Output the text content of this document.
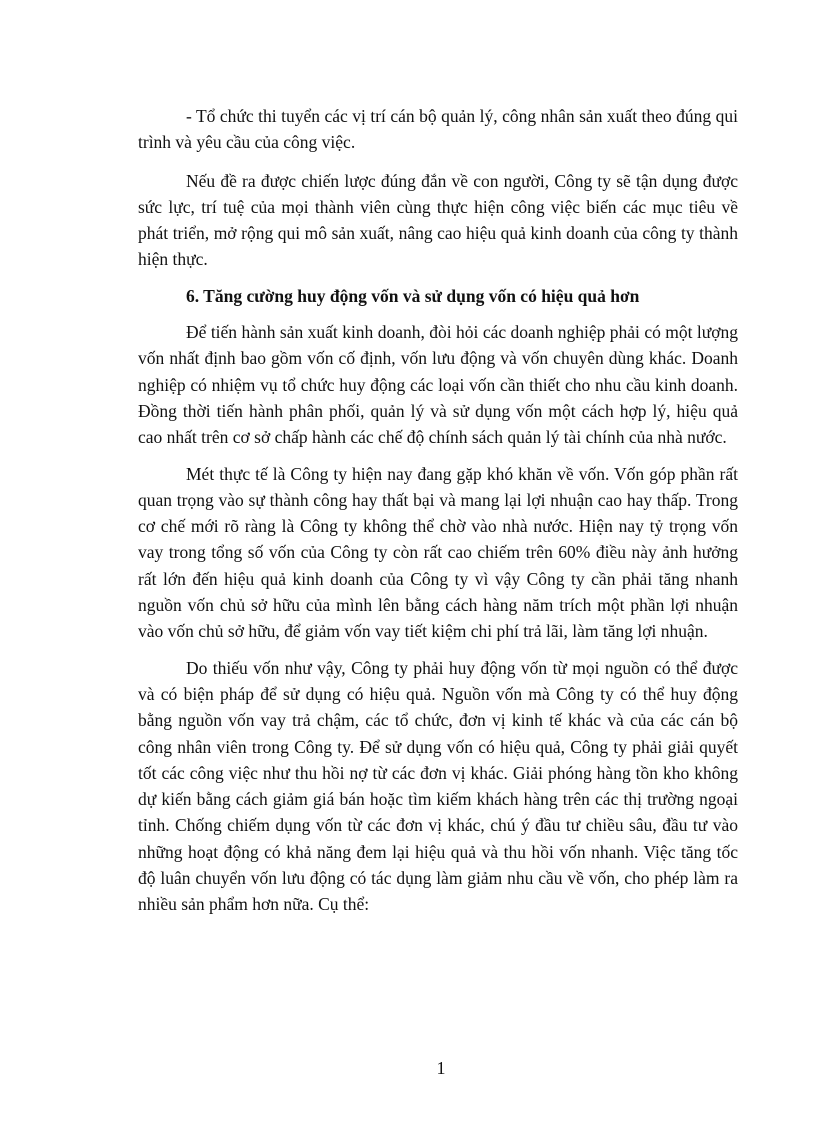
- Tổ chức thi tuyển các vị trí cán bộ quản lý, công nhân sản xuất theo đúng qui trình và yêu cầu của công việc.

Nếu đề ra được chiến lược đúng đắn về con người, Công ty sẽ tận dụng được sức lực, trí tuệ của mọi thành viên cùng thực hiện công việc biến các mục tiêu về phát triển, mở rộng qui mô sản xuất, nâng cao hiệu quả kinh doanh của công ty thành hiện thực.

6. Tăng cường huy động vốn và sử dụng vốn có hiệu quả hơn

Để tiến hành sản xuất kinh doanh, đòi hỏi các doanh nghiệp phải có một lượng vốn nhất định bao gồm vốn cố định, vốn lưu động và vốn chuyên dùng khác. Doanh nghiệp có nhiệm vụ tổ chức huy động các loại vốn cần thiết cho nhu cầu kinh doanh. Đồng thời tiến hành phân phối, quản lý và sử dụng vốn một cách hợp lý, hiệu quả cao nhất trên cơ sở chấp hành các chế độ chính sách quản lý tài chính của nhà nước.

Mét thực tế là Công ty hiện nay đang gặp khó khăn về vốn. Vốn góp phần rất quan trọng vào sự thành công hay thất bại và mang lại lợi nhuận cao hay thấp. Trong cơ chế mới rõ ràng là Công ty không thể chờ vào nhà nước. Hiện nay tỷ trọng vốn vay trong tổng số vốn của Công ty còn rất cao chiếm trên 60% điều này ảnh hưởng rất lớn đến hiệu quả kinh doanh của Công ty vì vậy Công ty cần phải tăng nhanh nguồn vốn chủ sở hữu của mình lên bằng cách hàng năm trích một phần lợi nhuận vào vốn chủ sở hữu, để giảm vốn vay tiết kiệm chi phí trả lãi, làm tăng lợi nhuận.

Do thiếu vốn như vậy, Công ty phải huy động vốn từ mọi nguồn có thể được và có biện pháp để sử dụng có hiệu quả. Nguồn vốn mà Công ty có thể huy động bằng nguồn vốn vay trả chậm, các tổ chức, đơn vị kinh tế khác và của các cán bộ công nhân viên trong Công ty. Để sử dụng vốn có hiệu quả, Công ty phải giải quyết tốt các công việc như thu hồi nợ từ các đơn vị khác. Giải phóng hàng tồn kho không dự kiến bằng cách giảm giá bán hoặc tìm kiếm khách hàng trên các thị trường ngoại tỉnh. Chống chiếm dụng vốn từ các đơn vị khác, chú ý đầu tư chiều sâu, đầu tư vào những hoạt động có khả năng đem lại hiệu quả và thu hồi vốn nhanh. Việc tăng tốc độ luân chuyển vốn lưu động có tác dụng làm giảm nhu cầu về vốn, cho phép làm ra nhiều sản phẩm hơn nữa. Cụ thể:

1
